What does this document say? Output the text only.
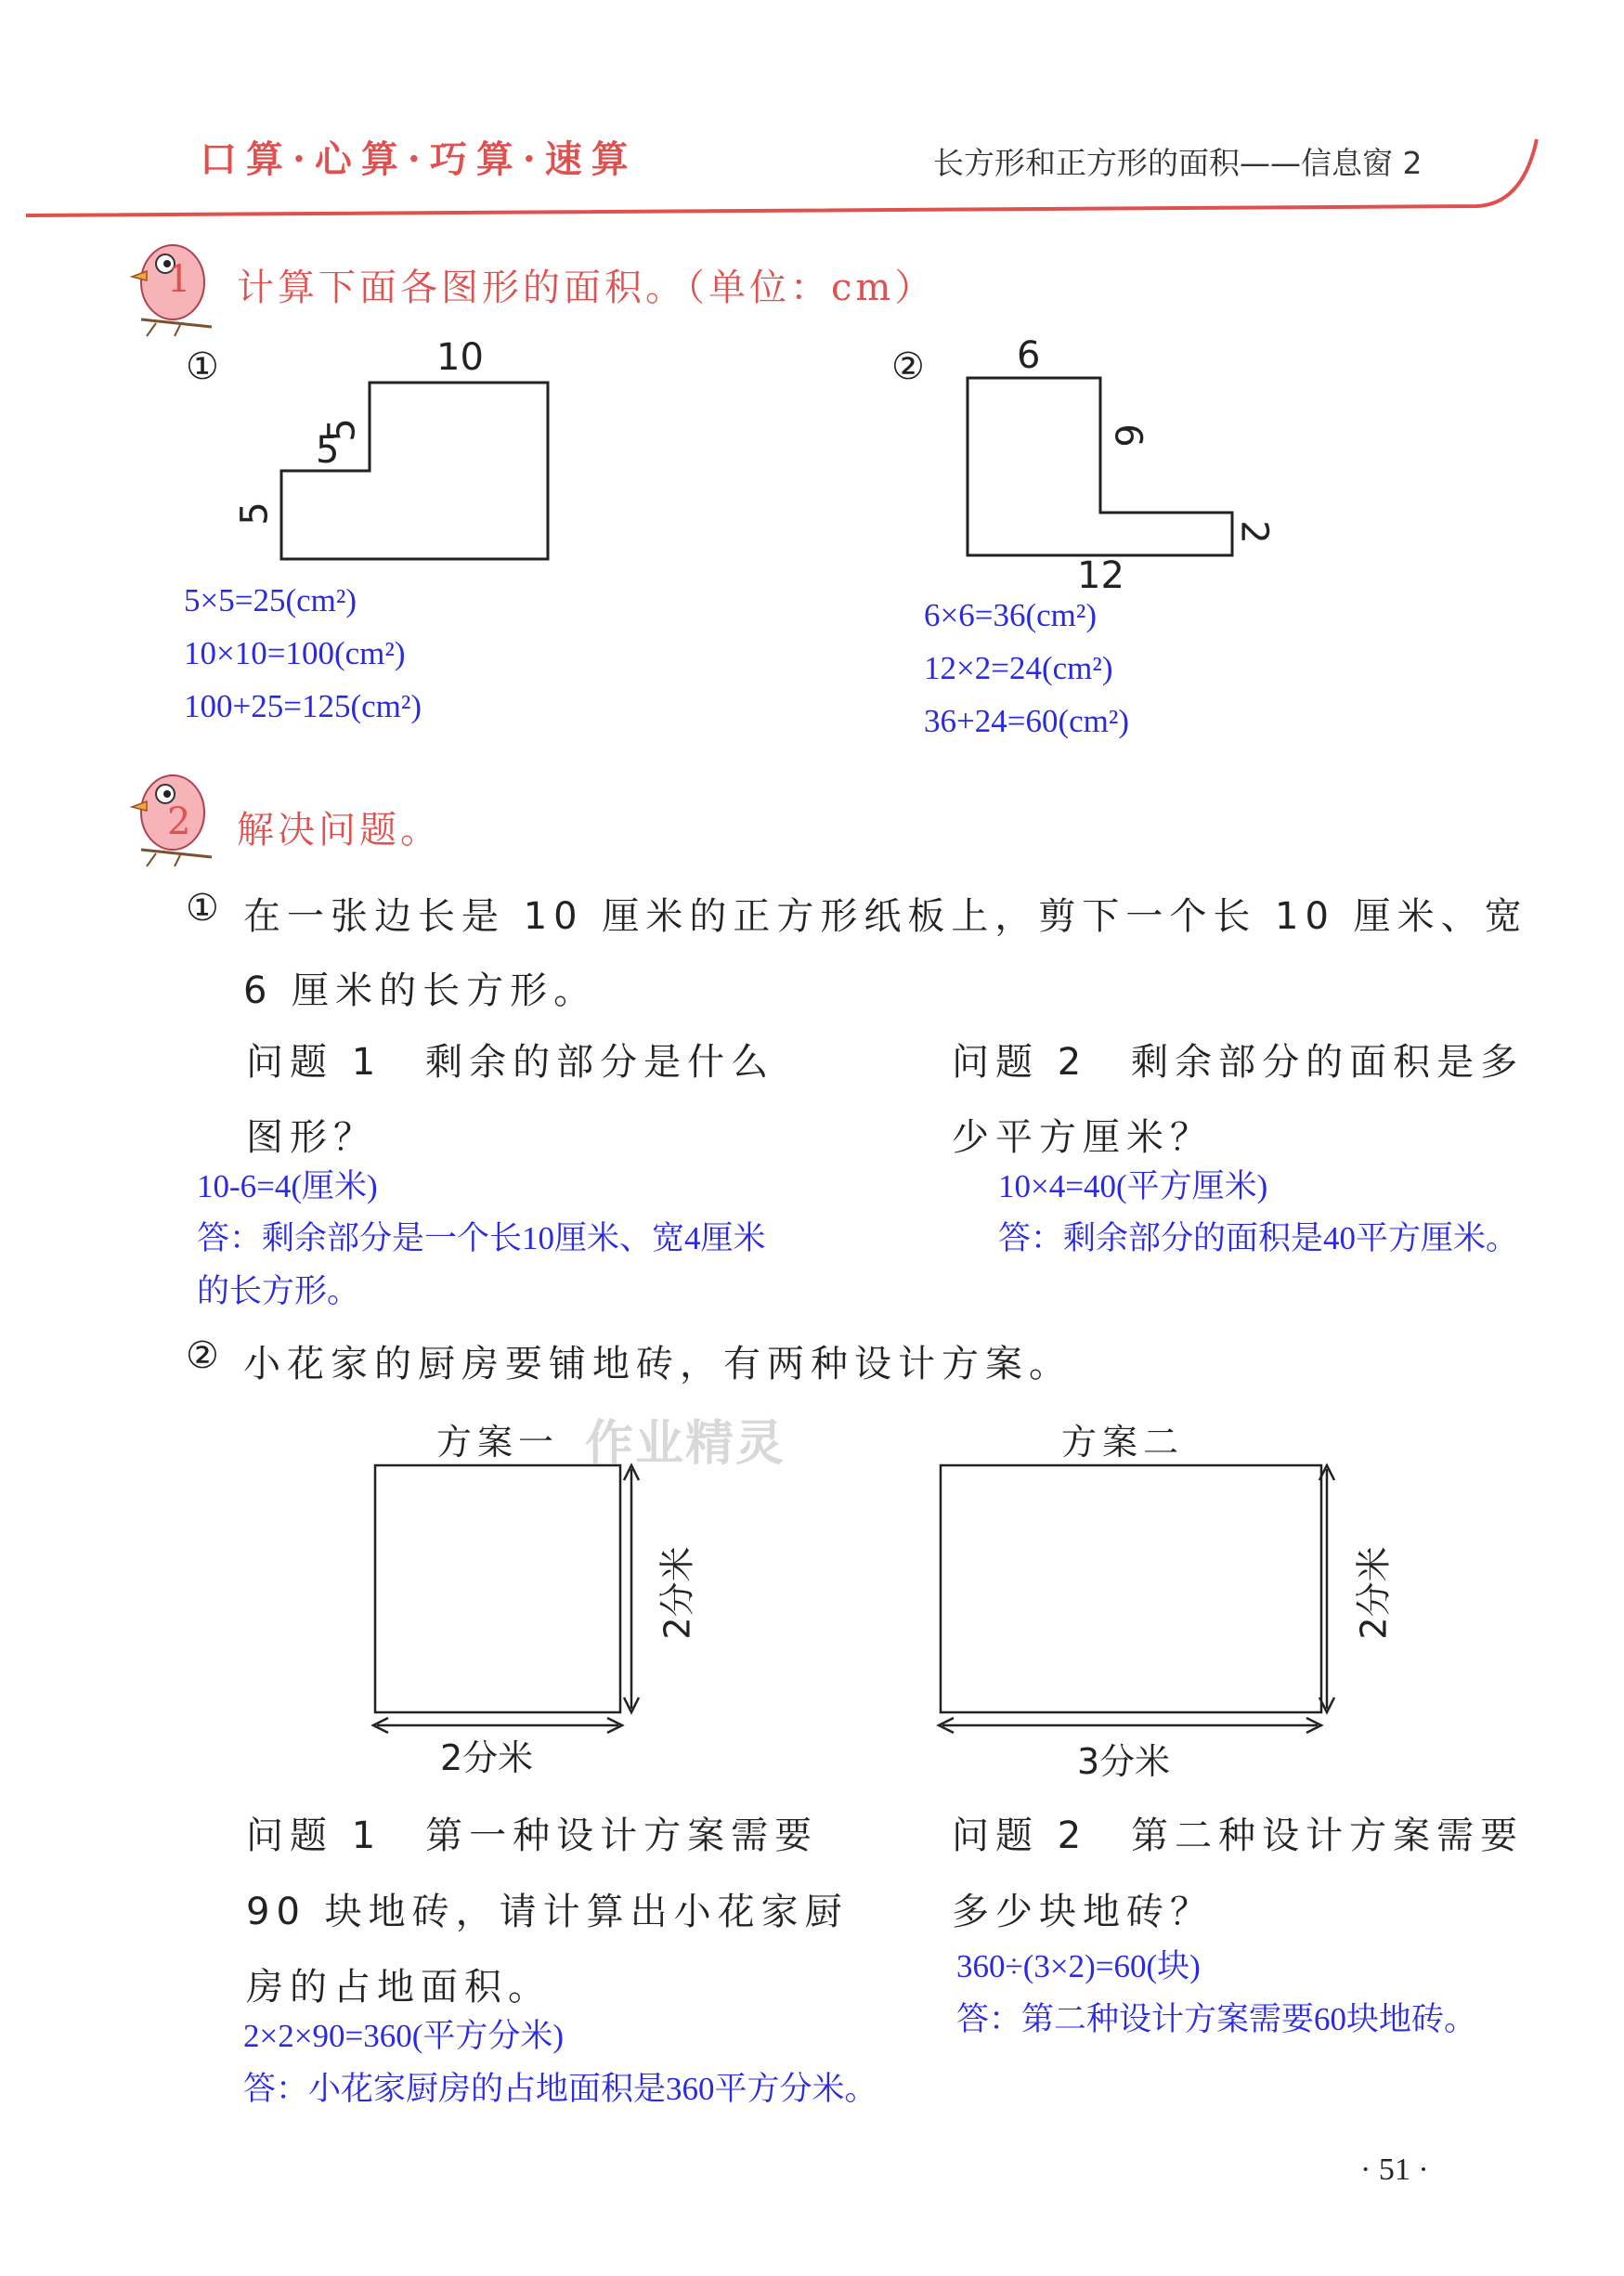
口算·心算·巧算·速算	长方形和正方形的面积——信息窗 2
1 计算下面各图形的面积。（单位：cm）
①	10
5
5
5
② 6
6
2
12
5×5=25(cm²)
10×10=100(cm²)
100+25=125(cm²)
6×6=36(cm²)
12×2=24(cm²)
36+24=60(cm²)
2 解决问题。
① 在一张边长是 10 厘米的正方形纸板上，剪下一个长 10 厘米、宽
6 厘米的长方形。
问题 1　剩余的部分是什么
图形？
10-6=4(厘米)
答：剩余部分是一个长10厘米、宽4厘米
的长方形。
问题 2　剩余部分的面积是多
少平方厘米？
10×4=40(平方厘米)
答：剩余部分的面积是40平方厘米。
② 小花家的厨房要铺地砖，有两种设计方案。
方案一
2分米
2分米
方案二
2分米
3分米
问题 1　第一种设计方案需要
90 块地砖，请计算出小花家厨
房的占地面积。
2×2×90=360(平方分米)
答：小花家厨房的占地面积是360平方分米。
问题 2　第二种设计方案需要
多少块地砖？
360÷(3×2)=60(块)
答：第二种设计方案需要60块地砖。
作业精灵
· 51 ·
